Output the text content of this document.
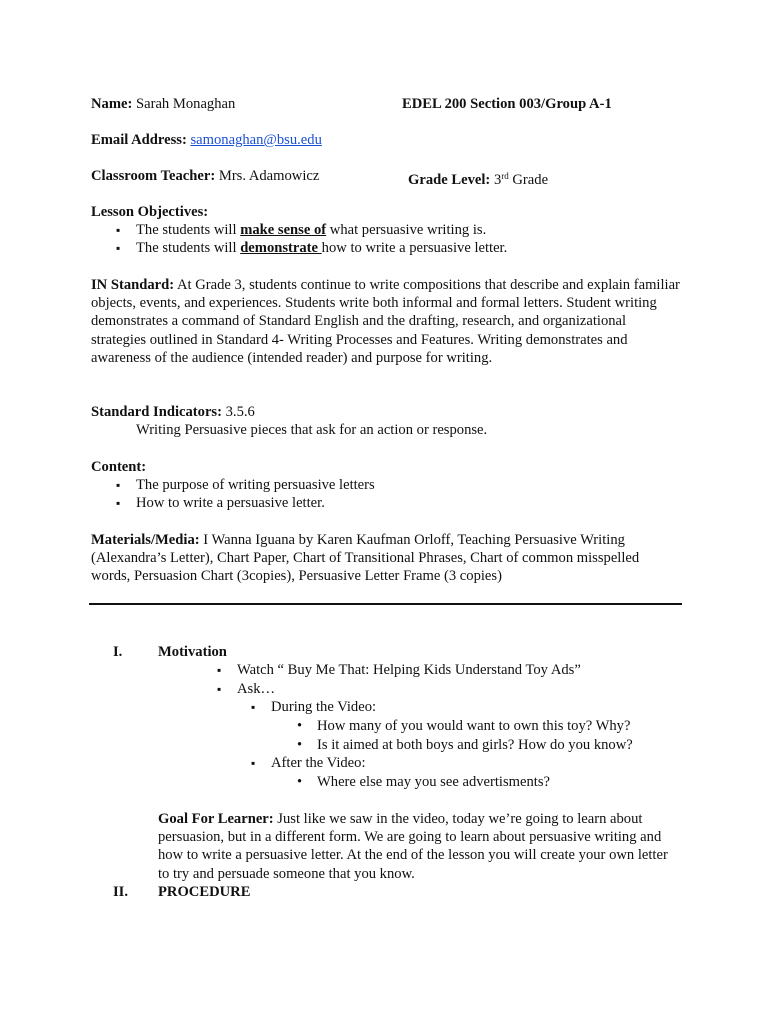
Name: Sarah Monaghan	EDEL 200 Section 003/Group A-1
Email Address: samonaghan@bsu.edu
Classroom Teacher: Mrs. Adamowicz	Grade Level: 3rd Grade
Lesson Objectives:
▪ The students will make sense of what persuasive writing is.
▪ The students will demonstrate how to write a persuasive letter.
IN Standard: At Grade 3, students continue to write compositions that describe and explain familiar objects, events, and experiences. Students write both informal and formal letters. Student writing demonstrates a command of Standard English and the drafting, research, and organizational strategies outlined in Standard 4- Writing Processes and Features. Writing demonstrates and awareness of the audience (intended reader) and purpose for writing.
Standard Indicators: 3.5.6
Writing Persuasive pieces that ask for an action or response.
Content:
▪ The purpose of writing persuasive letters
▪ How to write a persuasive letter.
Materials/Media: I Wanna Iguana by Karen Kaufman Orloff, Teaching Persuasive Writing (Alexandra’s Letter), Chart Paper, Chart of Transitional Phrases, Chart of common misspelled words, Persuasion Chart (3copies), Persuasive Letter Frame (3 copies)
I. Motivation
▪ Watch “ Buy Me That: Helping Kids Understand Toy Ads”
▪ Ask…
▪ During the Video:
• How many of you would want to own this toy? Why?
• Is it aimed at both boys and girls? How do you know?
▪ After the Video:
• Where else may you see advertisments?
Goal For Learner: Just like we saw in the video, today we’re going to learn about persuasion, but in a different form. We are going to learn about persuasive writing and how to write a persuasive letter. At the end of the lesson you will create your own letter to try and persuade someone that you know.
II. PROCEDURE
